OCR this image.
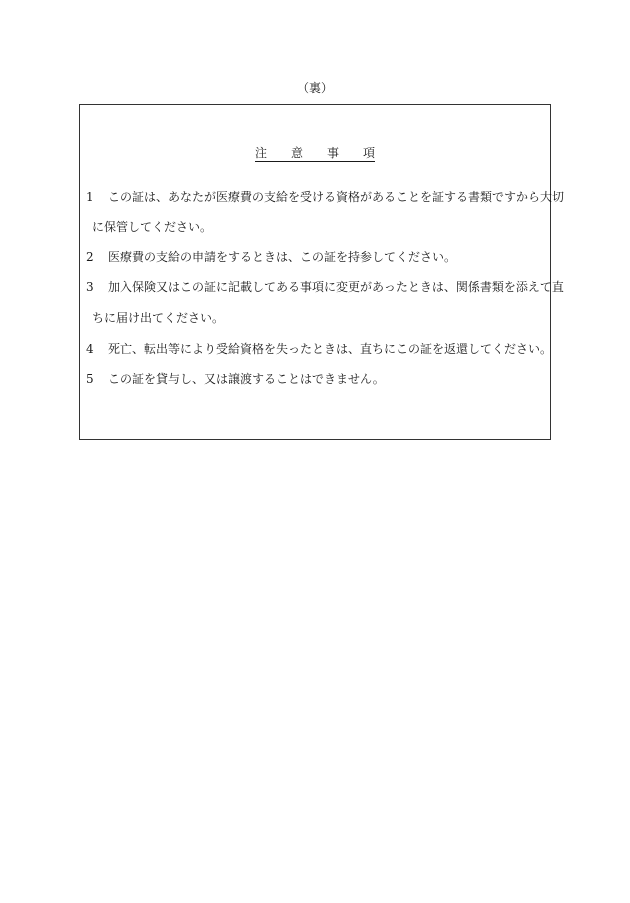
（裏）
注　　意　　事　　項
1 この証は、あなたが医療費の支給を受ける資格があることを証する書類ですから大切
に保管してください。
2 医療費の支給の申請をするときは、この証を持参してください。
3 加入保険又はこの証に記載してある事項に変更があったときは、関係書類を添えて直
ちに届け出てください。
4 死亡、転出等により受給資格を失ったときは、直ちにこの証を返還してください。
5 この証を貸与し、又は譲渡することはできません。
